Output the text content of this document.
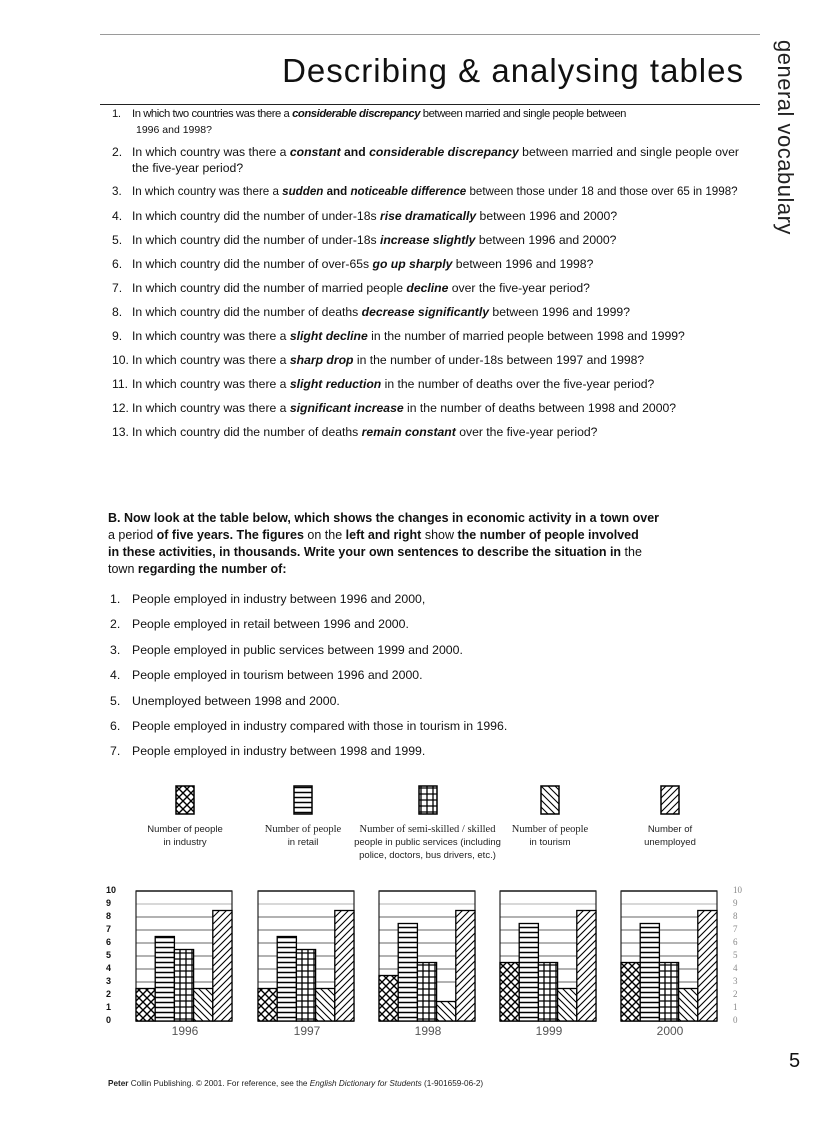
Describing & analysing tables general vocabulary
1. In which two countries was there a considerable discrepancy between married and single people between
1996 and 1998?
2. In which country was there a constant and considerable discrepancy between married and single people over the five-year period?
3. In which country was there a sudden and noticeable difference between those under 18 and those over 65 in 1998?
4. In which country did the number of under-18s rise dramatically between 1996 and 2000?
5. In which country did the number of under-18s increase slightly between 1996 and 2000?
6. In which country did the number of over-65s go up sharply between 1996 and 1998?
7. In which country did the number of married people decline over the five-year period?
8. In which country did the number of deaths decrease significantly between 1996 and 1999?
9. In which country was there a slight decline in the number of married people between 1998 and 1999?
10. In which country was there a sharp drop in the number of under-18s between 1997 and 1998?
11. In which country was there a slight reduction in the number of deaths over the five-year period?
12. In which country was there a significant increase in the number of deaths between 1998 and 2000?
13. In which country did the number of deaths remain constant over the five-year period?
B. Now look at the table below, which shows the changes in economic activity in a town over
a period of five years. The figures on the left and right show the number of people involved
in these activities, in thousands. Write your own sentences to describe the situation in the
town regarding the number of:
1. People employed in industry between 1996 and 2000,
2. People employed in retail between 1996 and 2000.
3. People employed in public services between 1999 and 2000.
4. People employed in tourism between 1996 and 2000.
5. Unemployed between 1998 and 2000.
6. People employed in industry compared with those in tourism in 1996.
7. People employed in industry between 1998 and 1999.
Number of people
in industry
Number of people
in retail
Number of semi-skilled / skilled
people in public services (including
police, doctors, bus drivers, etc.)
Number of people
in tourism
Number of
unemployed
0
1
2
3
4
5
6
7
8
9
10
0
1
2
3
4
5
6
7
8
9
10
1996	1997	1998	1999	2000
5
Peter Collin Publishing. © 2001. For reference, see the English Dictionary for Students (1-901659-06-2)
